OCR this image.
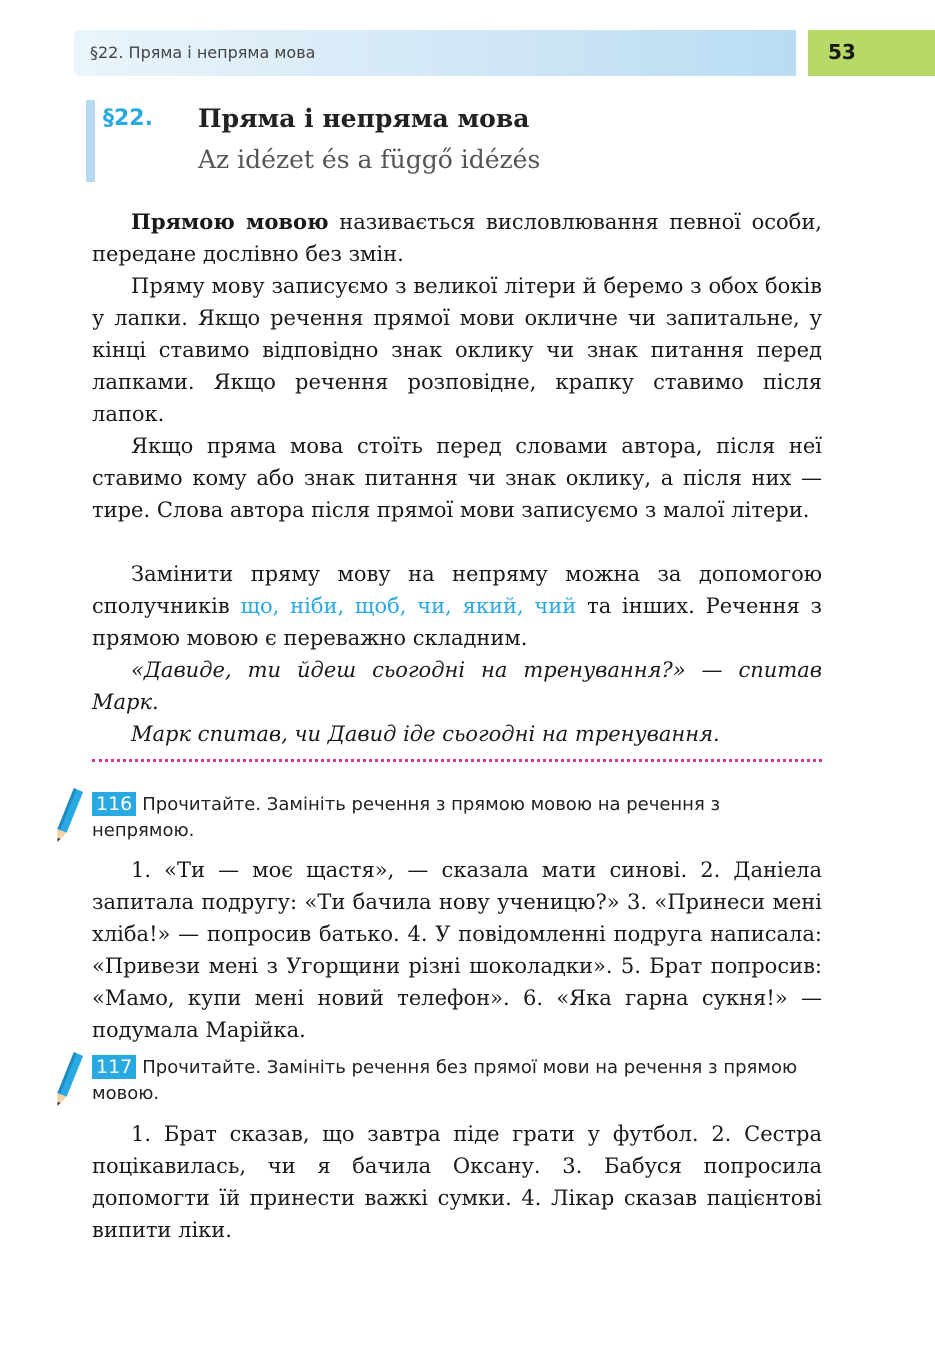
§22. Пряма і непряма мова	53
§22. Пряма і непряма мова
Az idézet és a függő idézés

Прямою мовою називається висловлювання певної особи, передане дослівно без змін.

Пряму мову записуємо з великої літери й беремо з обох боків у лапки. Якщо речення прямої мови окличне чи запитальне, у кінці ставимо відповідно знак оклику чи знак питання перед лапками. Якщо речення розповідне, крапку ставимо після лапок.

Якщо пряма мова стоїть перед словами автора, після неї ставимо кому або знак питання чи знак оклику, а після них — тире. Слова автора після прямої мови записуємо з малої літери.

Замінити пряму мову на непряму можна за допомогою сполучників що, ніби, щоб, чи, який, чий та інших. Речення з прямою мовою є переважно складним.

«Давиде, ти йдеш сьогодні на тренування?» — спитав Марк.

Марк спитав, чи Давид іде сьогодні на тренування.

116 Прочитайте. Замініть речення з прямою мовою на речення з непрямою.

1. «Ти — моє щастя», — сказала мати синові. 2. Даніела запитала подругу: «Ти бачила нову ученицю?» 3. «Принеси мені хліба!» — попросив батько. 4. У повідомленні подруга написала: «Привези мені з Угорщини різні шоколадки». 5. Брат попросив: «Мамо, купи мені новий телефон». 6. «Яка гарна сукня!» — подумала Марійка.

117 Прочитайте. Замініть речення без прямої мови на речення з прямою мовою.

1. Брат сказав, що завтра піде грати у футбол. 2. Сестра поцікавилась, чи я бачила Оксану. 3. Бабуся попросила допомогти їй принести важкі сумки. 4. Лікар сказав пацієнтові випити ліки.
